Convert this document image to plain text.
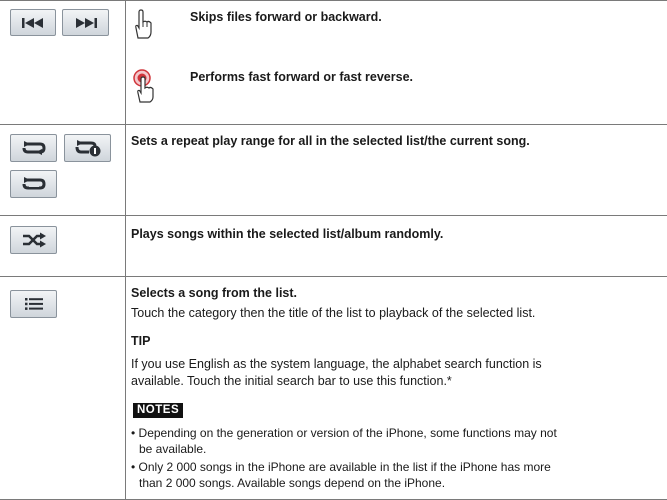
Skips files forward or backward.
Performs fast forward or fast reverse.
Sets a repeat play range for all in the selected list/the current song.
Plays songs within the selected list/album randomly.
Selects a song from the list.
Touch the category then the title of the list to playback of the selected list.
TIP
If you use English as the system language, the alphabet search function is
available. Touch the initial search bar to use this function.*
NOTES
• Depending on the generation or version of the iPhone, some functions may not
be available.
• Only 2 000 songs in the iPhone are available in the list if the iPhone has more
than 2 000 songs. Available songs depend on the iPhone.
